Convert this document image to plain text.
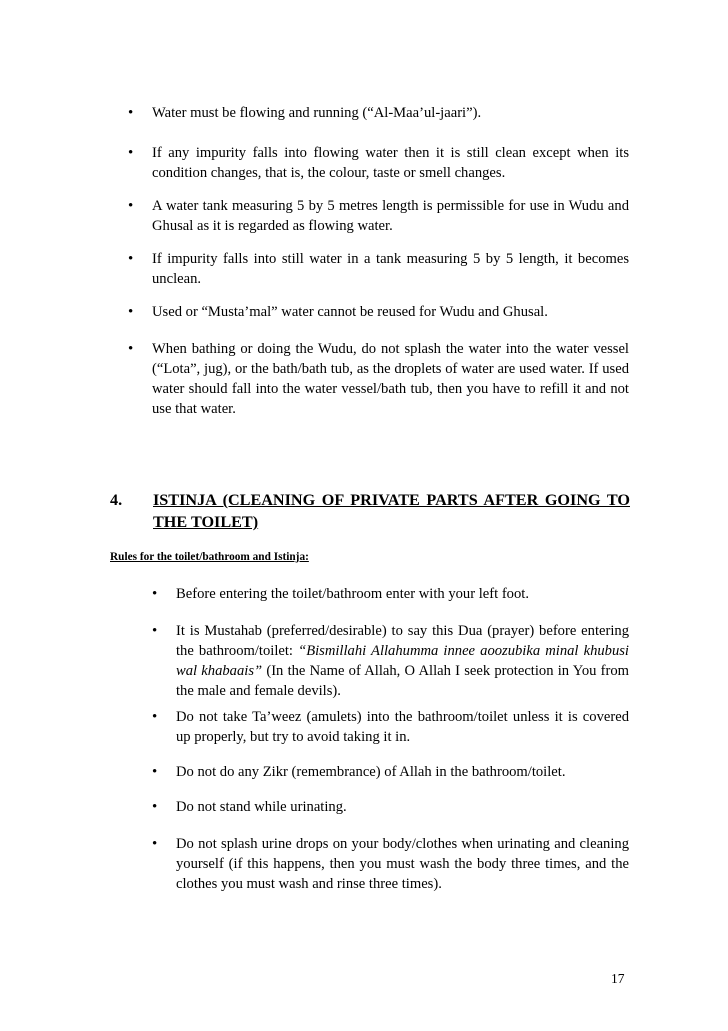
• Water must be flowing and running (“Al-Maa’ul-jaari”).
• If any impurity falls into flowing water then it is still clean except when its condition changes, that is, the colour, taste or smell changes.
• A water tank measuring 5 by 5 metres length is permissible for use in Wudu and Ghusal as it is regarded as flowing water.
• If impurity falls into still water in a tank measuring 5 by 5 length, it becomes unclean.
• Used or “Musta’mal” water cannot be reused for Wudu and Ghusal.
• When bathing or doing the Wudu, do not splash the water into the water vessel (“Lota”, jug), or the bath/bath tub, as the droplets of water are used water. If used water should fall into the water vessel/bath tub, then you have to refill it and not use that water.
4. ISTINJA (CLEANING OF PRIVATE PARTS AFTER GOING TO THE TOILET)
Rules for the toilet/bathroom and Istinja:
• Before entering the toilet/bathroom enter with your left foot.
• It is Mustahab (preferred/desirable) to say this Dua (prayer) before entering the bathroom/toilet: “Bismillahi Allahumma innee aoozubika minal khubusi wal khabaais” (In the Name of Allah, O Allah I seek protection in You from the male and female devils).
• Do not take Ta’weez (amulets) into the bathroom/toilet unless it is covered up properly, but try to avoid taking it in.
• Do not do any Zikr (remembrance) of Allah in the bathroom/toilet.
• Do not stand while urinating.
• Do not splash urine drops on your body/clothes when urinating and cleaning yourself (if this happens, then you must wash the body three times, and the clothes you must wash and rinse three times).
17
